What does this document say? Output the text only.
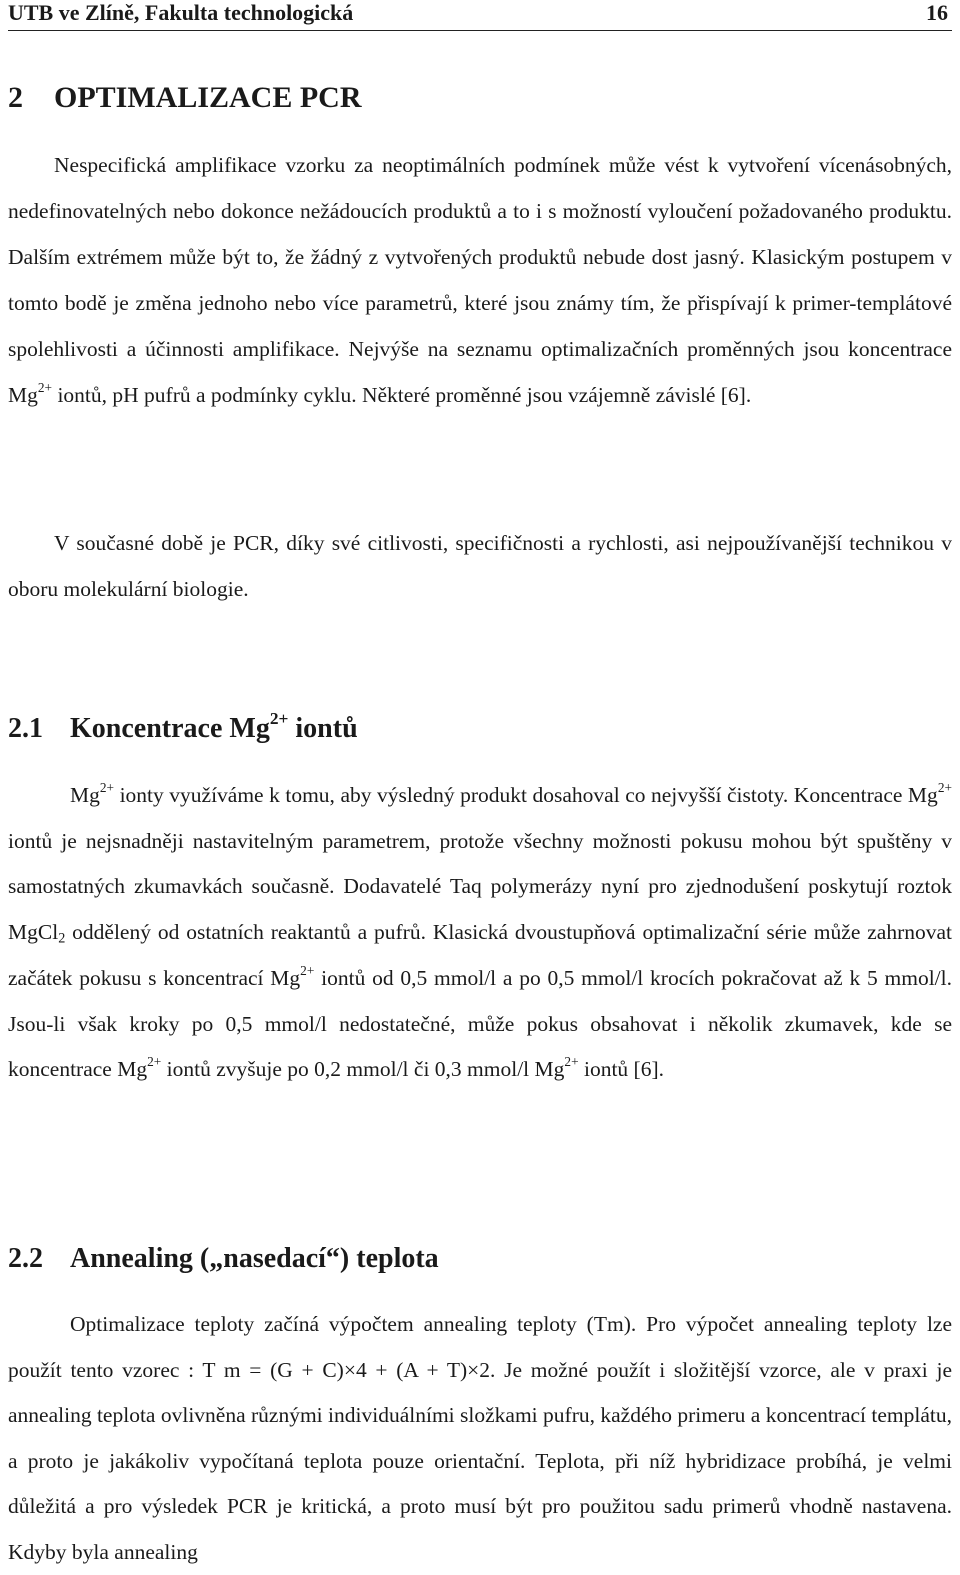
UTB ve Zlíně, Fakulta technologická	16
2 OPTIMALIZACE PCR

Nespecifická amplifikace vzorku za neoptimálních podmínek může vést k vytvoření vícenásobných, nedefinovatelných nebo dokonce nežádoucích produktů a to i s možností vyloučení požadovaného produktu. Dalším extrémem může být to, že žádný z vytvořených produktů nebude dost jasný. Klasickým postupem v tomto bodě je změna jednoho nebo více parametrů, které jsou známy tím, že přispívají k primer-templátové spolehlivosti a účinnosti amplifikace. Nejvýše na seznamu optimalizačních proměnných jsou koncentrace $Mg^{2+}$ iontů, pH pufrů a podmínky cyklu. Některé proměnné jsou vzájemně závislé [6].

V současné době je PCR, díky své citlivosti, specifičnosti a rychlosti, asi nejpoužívanější technikou v oboru molekulární biologie.

2.1 Koncentrace $Mg^{2+}$ iontů

$Mg^{2+}$ ionty využíváme k tomu, aby výsledný produkt dosahoval co nejvyšší čistoty. Koncentrace $Mg^{2+}$ iontů je nejsnadněji nastavitelným parametrem, protože všechny možnosti pokusu mohou být spuštěny v samostatných zkumavkách současně. Dodavatelé Taq polymerázy nyní pro zjednodušení poskytují roztok MgCl$_2$ oddělený od ostatních reaktantů a pufrů. Klasická dvoustupňová optimalizační série může zahrnovat začátek pokusu s koncentrací $Mg^{2+}$ iontů od 0,5 mmol/l a po 0,5 mmol/l krocích pokračovat až k 5 mmol/l. Jsou-li však kroky po 0,5 mmol/l nedostatečné, může pokus obsahovat i několik zkumavek, kde se koncentrace $Mg^{2+}$ iontů zvyšuje po 0,2 mmol/l či 0,3 mmol/l $Mg^{2+}$ iontů [6].

2.2 Annealing („nasedací“) teplota

Optimalizace teploty začíná výpočtem annealing teploty (Tm). Pro výpočet annealing teploty lze použít tento vzorec : T m = (G + C)×4 + (A + T)×2. Je možné použít i složitější vzorce, ale v praxi je annealing teplota ovlivněna různými individuálními složkami pufru, každého primeru a koncentrací templátu, a proto je jakákoliv vypočítaná teplota pouze orientační. Teplota, při níž hybridizace probíhá, je velmi důležitá a pro výsledek PCR je kritická, a proto musí být pro použitou sadu primerů vhodně nastavena. Kdyby byla annealing
